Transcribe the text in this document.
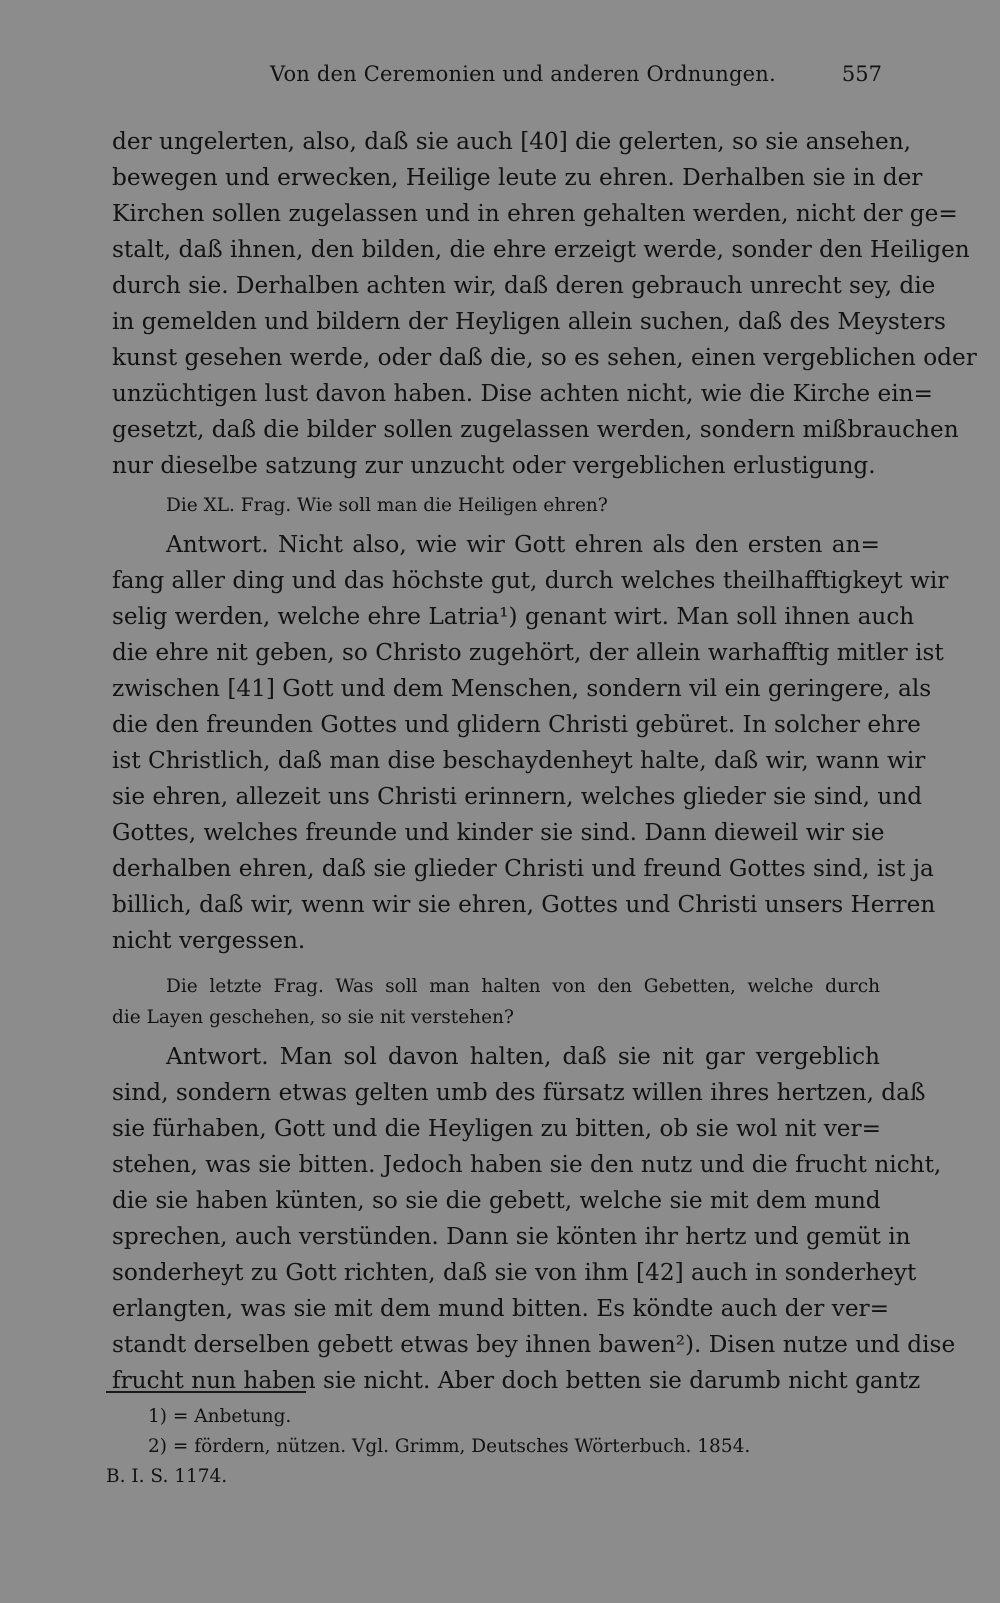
Von den Ceremonien und anderen Ordnungen.	557
der ungelerten, also, daß sie auch [40] die gelerten, so sie ansehen,
bewegen und erwecken, Heilige leute zu ehren. Derhalben sie in der
Kirchen sollen zugelassen und in ehren gehalten werden, nicht der ge=
stalt, daß ihnen, den bilden, die ehre erzeigt werde, sonder den Heiligen
durch sie. Derhalben achten wir, daß deren gebrauch unrecht sey, die
in gemelden und bildern der Heyligen allein suchen, daß des Meysters
kunst gesehen werde, oder daß die, so es sehen, einen vergeblichen oder
unzüchtigen lust davon haben. Dise achten nicht, wie die Kirche ein=
gesetzt, daß die bilder sollen zugelassen werden, sondern mißbrauchen
nur dieselbe satzung zur unzucht oder vergeblichen erlustigung.
Die XL. Frag. Wie soll man die Heiligen ehren?
Antwort. Nicht also, wie wir Gott ehren als den ersten an=
fang aller ding und das höchste gut, durch welches theilhafftigkeyt wir
selig werden, welche ehre Latria¹) genant wirt. Man soll ihnen auch
die ehre nit geben, so Christo zugehört, der allein warhafftig mitler ist
zwischen [41] Gott und dem Menschen, sondern vil ein geringere, als
die den freunden Gottes und glidern Christi gebüret. In solcher ehre
ist Christlich, daß man dise beschaydenheyt halte, daß wir, wann wir
sie ehren, allezeit uns Christi erinnern, welches glieder sie sind, und
Gottes, welches freunde und kinder sie sind. Dann dieweil wir sie
derhalben ehren, daß sie glieder Christi und freund Gottes sind, ist ja
billich, daß wir, wenn wir sie ehren, Gottes und Christi unsers Herren
nicht vergessen.
Die letzte Frag. Was soll man halten von den Gebetten, welche durch
die Layen geschehen, so sie nit verstehen?
Antwort. Man sol davon halten, daß sie nit gar vergeblich
sind, sondern etwas gelten umb des fürsatz willen ihres hertzen, daß
sie fürhaben, Gott und die Heyligen zu bitten, ob sie wol nit ver=
stehen, was sie bitten. Jedoch haben sie den nutz und die frucht nicht,
die sie haben künten, so sie die gebett, welche sie mit dem mund
sprechen, auch verstünden. Dann sie könten ihr hertz und gemüt in
sonderheyt zu Gott richten, daß sie von ihm [42] auch in sonderheyt
erlangten, was sie mit dem mund bitten. Es köndte auch der ver=
standt derselben gebett etwas bey ihnen bawen²). Disen nutze und dise
frucht nun haben sie nicht. Aber doch betten sie darumb nicht gantz
1) = Anbetung.
2) = fördern, nützen. Vgl. Grimm, Deutsches Wörterbuch. 1854.
B. I. S. 1174.
